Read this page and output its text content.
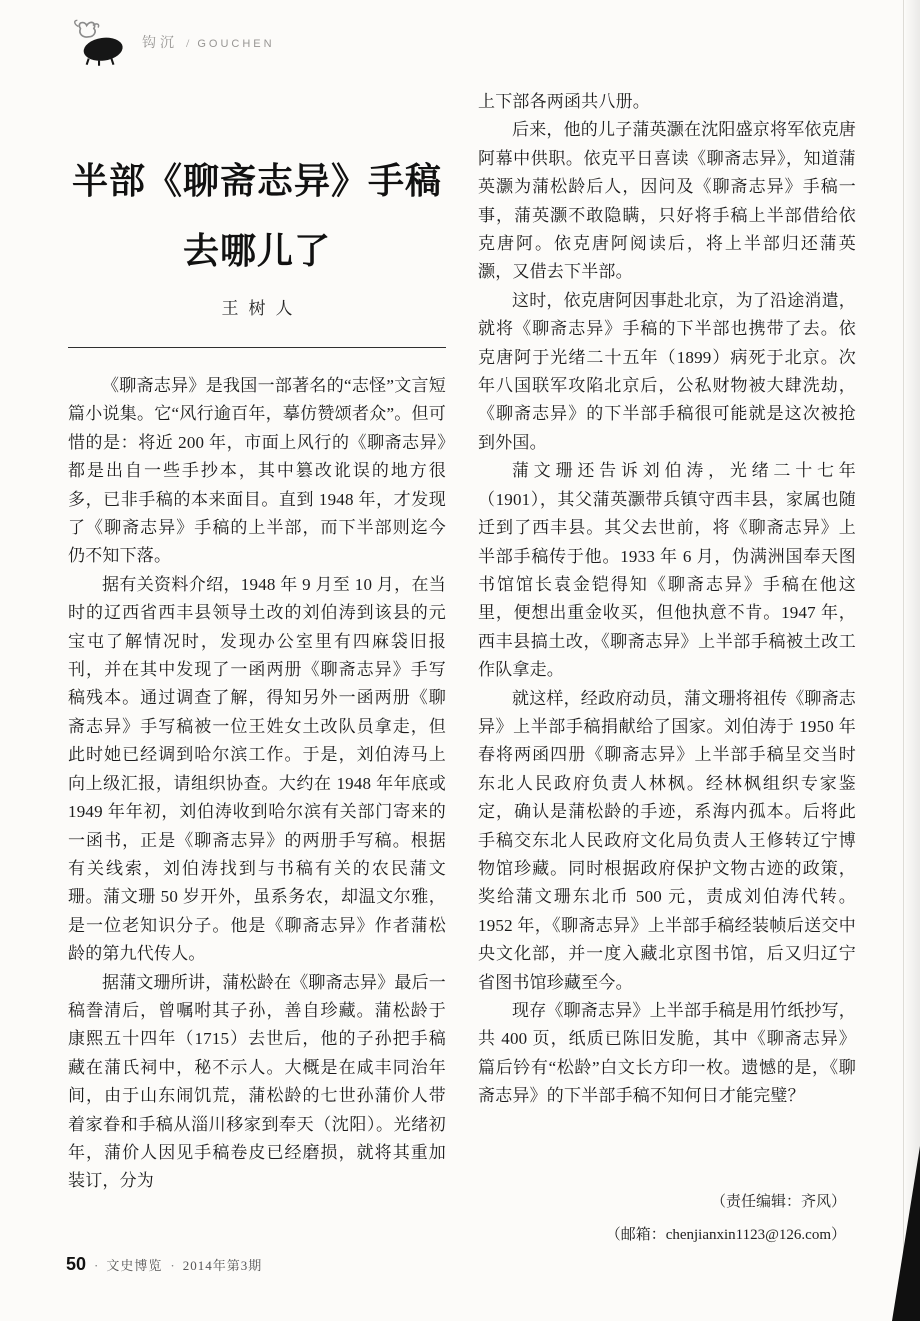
钩沉 / GOUCHEN
半部《聊斋志异》手稿
去哪儿了
王树人

《聊斋志异》是我国一部著名的“志怪”文言短篇小说集。它“风行逾百年，摹仿赞颂者众”。但可惜的是：将近 200 年，市面上风行的《聊斋志异》都是出自一些手抄本，其中篡改讹误的地方很多，已非手稿的本来面目。直到 1948 年，才发现了《聊斋志异》手稿的上半部，而下半部则迄今仍不知下落。

据有关资料介绍，1948 年 9 月至 10 月，在当时的辽西省西丰县领导土改的刘伯涛到该县的元宝屯了解情况时，发现办公室里有四麻袋旧报刊，并在其中发现了一函两册《聊斋志异》手写稿残本。通过调查了解，得知另外一函两册《聊斋志异》手写稿被一位王姓女土改队员拿走，但此时她已经调到哈尔滨工作。于是，刘伯涛马上向上级汇报，请组织协查。大约在 1948 年年底或 1949 年年初，刘伯涛收到哈尔滨有关部门寄来的一函书，正是《聊斋志异》的两册手写稿。根据有关线索，刘伯涛找到与书稿有关的农民蒲文珊。蒲文珊 50 岁开外，虽系务农，却温文尔雅，是一位老知识分子。他是《聊斋志异》作者蒲松龄的第九代传人。

据蒲文珊所讲，蒲松龄在《聊斋志异》最后一稿誊清后，曾嘱咐其子孙，善自珍藏。蒲松龄于康熙五十四年（1715）去世后，他的子孙把手稿藏在蒲氏祠中，秘不示人。大概是在咸丰同治年间，由于山东闹饥荒，蒲松龄的七世孙蒲价人带着家眷和手稿从淄川移家到奉天（沈阳）。光绪初年，蒲价人因见手稿卷皮已经磨损，就将其重加装订，分为

上下部各两函共八册。

后来，他的儿子蒲英灏在沈阳盛京将军依克唐阿幕中供职。依克平日喜读《聊斋志异》，知道蒲英灏为蒲松龄后人，因问及《聊斋志异》手稿一事，蒲英灏不敢隐瞒，只好将手稿上半部借给依克唐阿。依克唐阿阅读后，将上半部归还蒲英灏，又借去下半部。

这时，依克唐阿因事赴北京，为了沿途消遣，就将《聊斋志异》手稿的下半部也携带了去。依克唐阿于光绪二十五年（1899）病死于北京。次年八国联军攻陷北京后，公私财物被大肆洗劫，《聊斋志异》的下半部手稿很可能就是这次被抢到外国。

蒲文珊还告诉刘伯涛，光绪二十七年（1901），其父蒲英灏带兵镇守西丰县，家属也随迁到了西丰县。其父去世前，将《聊斋志异》上半部手稿传于他。1933 年 6 月，伪满洲国奉天图书馆馆长袁金铠得知《聊斋志异》手稿在他这里，便想出重金收买，但他执意不肯。1947 年，西丰县搞土改，《聊斋志异》上半部手稿被土改工作队拿走。

就这样，经政府动员，蒲文珊将祖传《聊斋志异》上半部手稿捐献给了国家。刘伯涛于 1950 年春将两函四册《聊斋志异》上半部手稿呈交当时东北人民政府负责人林枫。经林枫组织专家鉴定，确认是蒲松龄的手迹，系海内孤本。后将此手稿交东北人民政府文化局负责人王修转辽宁博物馆珍藏。同时根据政府保护文物古迹的政策，奖给蒲文珊东北币 500 元，责成刘伯涛代转。1952 年，《聊斋志异》上半部手稿经装帧后送交中央文化部，并一度入藏北京图书馆，后又归辽宁省图书馆珍藏至今。

现存《聊斋志异》上半部手稿是用竹纸抄写，共 400 页，纸质已陈旧发脆，其中《聊斋志异》篇后钤有“松龄”白文长方印一枚。遗憾的是，《聊斋志异》的下半部手稿不知何日才能完璧？

（责任编辑：齐风）
（邮箱：chenjianxin1123@126.com）
50 · 文史博览 · 2014年第3期
